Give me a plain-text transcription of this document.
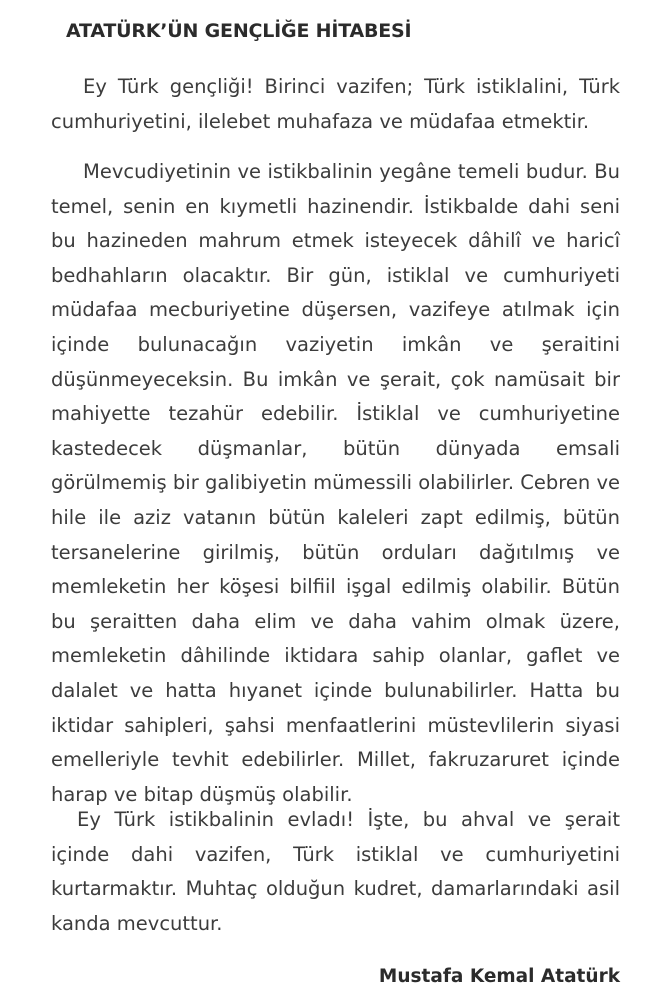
ATATÜRK’ÜN GENÇLİĞE HİTABESİ

Ey Türk gençliği! Birinci vazifen; Türk istiklalini, Türk cumhuriyetini, ilelebet muhafaza ve müdafaa etmektir.

Mevcudiyetinin ve istikbalinin yegâne temeli budur. Bu temel, senin en kıymetli hazinendir. İstikbalde dahi seni bu hazineden mahrum etmek isteyecek dâhilî ve haricî bedhahların olacaktır. Bir gün, istiklal ve cumhuriyeti müdafaa mecburiyetine düşersen, vazifeye atılmak için içinde bulunacağın vaziyetin imkân ve şeraitini düşünmeyeceksin. Bu imkân ve şerait, çok namüsait bir mahiyette tezahür edebilir. İstiklal ve cumhuriyetine kastedecek düşmanlar, bütün dünyada emsali görülmemiş bir galibiyetin mümessili olabilirler. Cebren ve hile ile aziz vatanın bütün kaleleri zapt edilmiş, bütün tersanelerine girilmiş, bütün orduları dağıtılmış ve memleketin her köşesi bilfiil işgal edilmiş olabilir. Bütün bu şeraitten daha elim ve daha vahim olmak üzere, memleketin dâhilinde iktidara sahip olanlar, gaflet ve dalalet ve hatta hıyanet içinde bulunabilirler. Hatta bu iktidar sahipleri, şahsi menfaatlerini müstevlilerin siyasi emelleriyle tevhit edebilirler. Millet, fakruzaruret içinde harap ve bitap düşmüş olabilir.

Ey Türk istikbalinin evladı! İşte, bu ahval ve şerait içinde dahi vazifen, Türk istiklal ve cumhuriyetini kurtarmaktır. Muhtaç olduğun kudret, damarlarındaki asil kanda mevcuttur.

Mustafa Kemal Atatürk
